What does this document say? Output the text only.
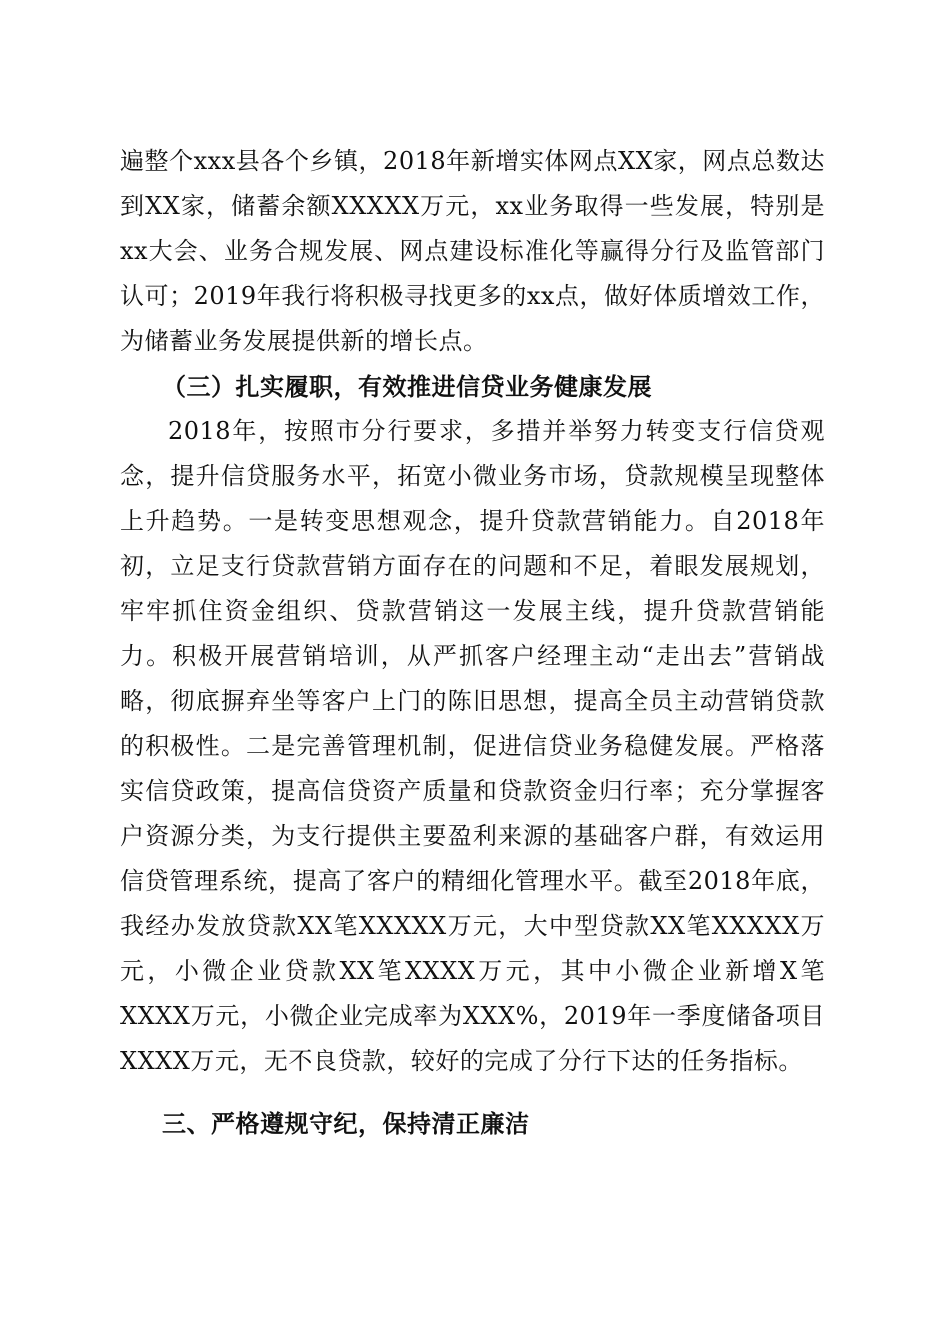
遍整个xxx县各个乡镇，2018年新增实体网点XX家，网点总数达到XX家，储蓄余额XXXXX万元，xx业务取得一些发展，特别是xx大会、业务合规发展、网点建设标准化等赢得分行及监管部门认可；2019年我行将积极寻找更多的xx点，做好体质增效工作，为储蓄业务发展提供新的增长点。

（三）扎实履职，有效推进信贷业务健康发展

2018年，按照市分行要求，多措并举努力转变支行信贷观念，提升信贷服务水平，拓宽小微业务市场，贷款规模呈现整体上升趋势。一是转变思想观念，提升贷款营销能力。自2018年初，立足支行贷款营销方面存在的问题和不足，着眼发展规划，牢牢抓住资金组织、贷款营销这一发展主线，提升贷款营销能力。积极开展营销培训，从严抓客户经理主动“走出去”营销战略，彻底摒弃坐等客户上门的陈旧思想，提高全员主动营销贷款的积极性。二是完善管理机制，促进信贷业务稳健发展。严格落实信贷政策，提高信贷资产质量和贷款资金归行率；充分掌握客户资源分类，为支行提供主要盈利来源的基础客户群，有效运用信贷管理系统，提高了客户的精细化管理水平。截至2018年底，我经办发放贷款XX笔XXXXX万元，大中型贷款XX笔XXXXX万元，小微企业贷款XX笔XXXX万元，其中小微企业新增X笔XXXX万元，小微企业完成率为XXX%，2019年一季度储备项目XXXX万元，无不良贷款，较好的完成了分行下达的任务指标。

三、严格遵规守纪，保持清正廉洁
